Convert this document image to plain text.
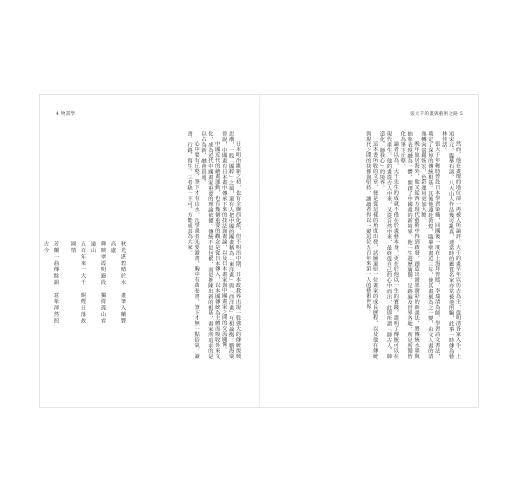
4 物書學

日本明治維新之初，也有全盤西化派，但不明治中期，日本政教界出現一股強大的傳統復興思潮，一股「國粹」之風，還有人把中國的國畫稱為「東洋畫」與「西洋畫」互相論衡。劉海粟曾說，中國畫有日本畫中傳承下來的技法與畫論，以及日本畫家與中國畫家之間的交流關係。

中國近代的繪畫運動，也有幾個重要的觀念是從日本傳入，以本國傳統為主體而吸收外來文化，成為近代中國畫家重要的理論依據。傳統不是包袱，而是推陳出新的根基，畫家所追求的是以古為新，融會貫通。

心中要有丘壑，筆下才有山水。凡學畫者先要讀書，胸中有萬卷書，筆下才無一點俗氣。讀書、行路、寫生，三者缺一不可，方能成其為大家。

秋光湛碧晴於水　畫筆入蘭豐高處
輝映翠霞明錦段　獨倚孤山看遠山
五百年來一大千　暝煙日落故園情
芳蘭一曲傳餘韻　意象渾然照古今
張大千的畫與藝術之路 5

然而，他在畫壇的地位卻一再被人所論評。大千的畫早年以仿古為主，從明清各家入手，上追宋元，臨摹石濤、八大山人作品幾可亂真，連當時的鑑賞名家亦常被他所騙，此事一時傳為藝林佳話。

張大千年輕時曾赴日本學習染織，回國後一度在上海拜曾熙、李瑞清為師，學習詩文書法，奠定了深厚的傳統根基。其後他遠赴敦煌，臨摹壁畫近三年，使其畫風為之一變，由文人畫的清逸轉向富麗恢宏，色彩運用更加大膽。

晚年旅居海外，他又從西方現代藝術中得到啟發，創造出潑墨潑彩的新畫法，將傳統水墨與抽象表現融為一體，開創了中國畫的新境界。他一生遊歷廣闊，足跡遍及世界各地，所見所聞皆化為筆下丘壑。

論者以為，大千先生的成就不僅在於畫藝本身，更在於他以一生的實踐，證明了傳統可以在現代重生。他的畫從古人中來，又從自然中來，最終從自己的心中而出，此即所謂「師古人、師造化、師我心」的境界。

這本書所收的文章，便是從這樣的角度出發，試圖還原一位畫家的成長歷程，以及他在傳統與現代之間的抉擇與堅持，讓讀者得以一窺這位五百年來第一人的藝術世界。
